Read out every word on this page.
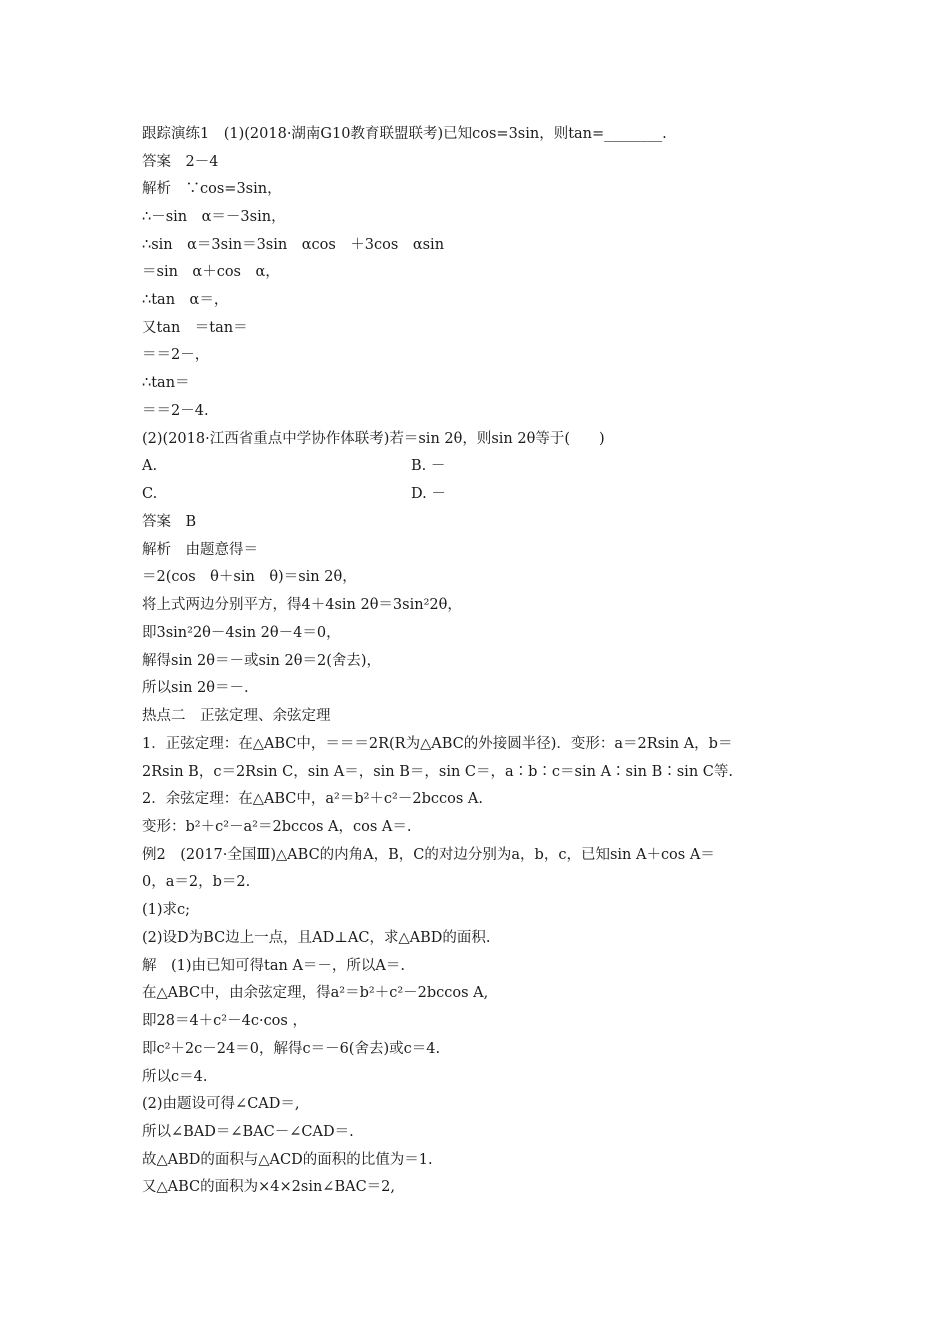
跟踪演练1　(1)(2018·湖南G10教育联盟联考)已知cos=3sin，则tan=________.
答案　2－4
解析　∵cos=3sin，
∴－sin　α＝－3sin，
∴sin　α＝3sin＝3sin　αcos　＋3cos　αsin
＝sin　α＋cos　α，
∴tan　α＝，
又tan　＝tan＝
＝＝2－，
∴tan＝
＝＝2－4.
(2)(2018·江西省重点中学协作体联考)若＝sin 2θ，则sin 2θ等于(　　)
A.	B. －
C.	D. －
答案　B
解析　由题意得＝
＝2(cos　θ＋sin　θ)＝sin 2θ，
将上式两边分别平方，得4＋4sin 2θ＝3sin²2θ，
即3sin²2θ－4sin 2θ－4＝0，
解得sin 2θ＝－或sin 2θ＝2(舍去)，
所以sin 2θ＝－.
热点二　正弦定理、余弦定理
1．正弦定理：在△ABC中，＝＝＝2R(R为△ABC的外接圆半径)．变形：a＝2Rsin A，b＝
2Rsin B，c＝2Rsin C，sin A＝，sin B＝，sin C＝，a∶b∶c＝sin A∶sin B∶sin C等.
2．余弦定理：在△ABC中，a²＝b²＋c²－2bccos A.
变形：b²＋c²－a²＝2bccos A，cos A＝.
例2　(2017·全国Ⅲ)△ABC的内角A，B，C的对边分别为a，b，c，已知sin A＋cos A＝
0，a＝2，b＝2.
(1)求c;
(2)设D为BC边上一点，且AD⊥AC，求△ABD的面积.
解　(1)由已知可得tan A＝－，所以A＝.
在△ABC中，由余弦定理，得a²＝b²＋c²－2bccos A,
即28＝4＋c²－4c·cos ，
即c²＋2c－24＝0，解得c＝－6(舍去)或c＝4.
所以c＝4.
(2)由题设可得∠CAD＝,
所以∠BAD＝∠BAC－∠CAD＝.
故△ABD的面积与△ACD的面积的比值为＝1.
又△ABC的面积为×4×2sin∠BAC＝2,
